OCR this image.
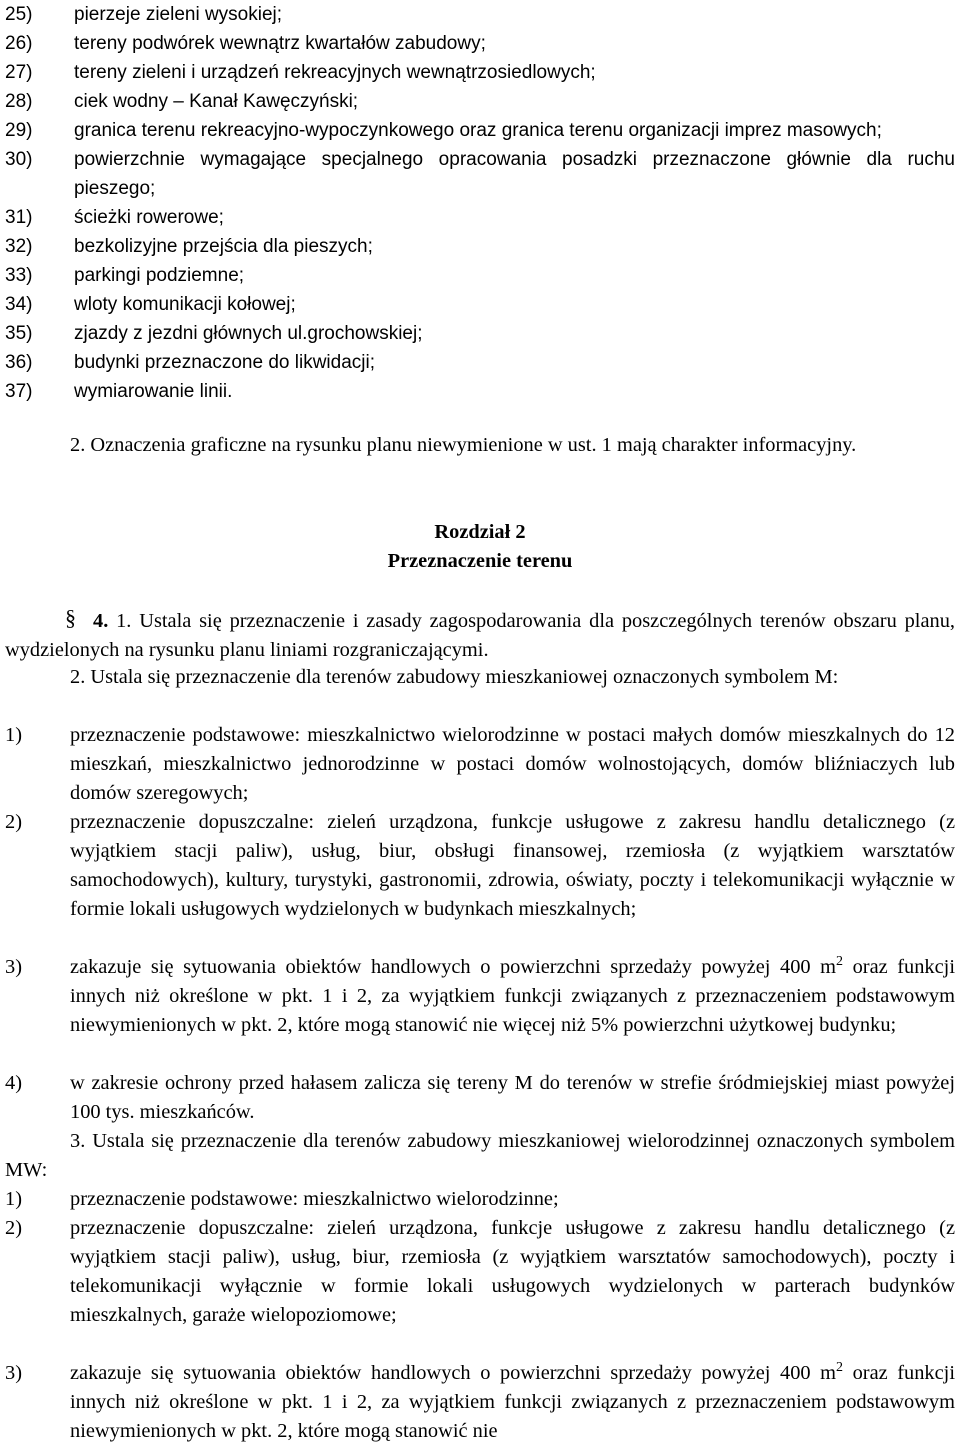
25) pierzeje zieleni wysokiej;
26) tereny podwórek wewnątrz kwartałów zabudowy;
27) tereny zieleni i urządzeń rekreacyjnych wewnątrzosiedlowych;
28) ciek wodny – Kanał Kawęczyński;
29) granica terenu rekreacyjno-wypoczynkowego oraz granica terenu organizacji imprez masowych;
30) powierzchnie wymagające specjalnego opracowania posadzki przeznaczone głównie dla ruchu pieszego;
31) ścieżki rowerowe;
32) bezkolizyjne przejścia dla pieszych;
33) parkingi podziemne;
34) wloty komunikacji kołowej;
35) zjazdy z jezdni głównych ul.grochowskiej;
36) budynki przeznaczone do likwidacji;
37) wymiarowanie linii.
2. Oznaczenia graficzne na rysunku planu niewymienione w ust. 1 mają charakter informacyjny.
Rozdział 2
Przeznaczenie terenu
§ 4. 1. Ustala się przeznaczenie i zasady zagospodarowania dla poszczególnych terenów obszaru planu, wydzielonych na rysunku planu liniami rozgraniczającymi.
2. Ustala się przeznaczenie dla terenów zabudowy mieszkaniowej oznaczonych symbolem M:
1) przeznaczenie podstawowe: mieszkalnictwo wielorodzinne w postaci małych domów mieszkalnych do 12 mieszkań, mieszkalnictwo jednorodzinne w postaci domów wolnostojących, domów bliźniaczych lub domów szeregowych;
2) przeznaczenie dopuszczalne: zieleń urządzona, funkcje usługowe z zakresu handlu detalicznego (z wyjątkiem stacji paliw), usług, biur, obsługi finansowej, rzemiosła (z wyjątkiem warsztatów samochodowych), kultury, turystyki, gastronomii, zdrowia, oświaty, poczty i telekomunikacji wyłącznie w formie lokali usługowych wydzielonych w budynkach mieszkalnych;
3) zakazuje się sytuowania obiektów handlowych o powierzchni sprzedaży powyżej 400 $m^2$ oraz funkcji innych niż określone w pkt. 1 i 2, za wyjątkiem funkcji związanych z przeznaczeniem podstawowym niewymienionych w pkt. 2, które mogą stanowić nie więcej niż 5% powierzchni użytkowej budynku;
4) w zakresie ochrony przed hałasem zalicza się tereny M do terenów w strefie śródmiejskiej miast powyżej 100 tys. mieszkańców.
3. Ustala się przeznaczenie dla terenów zabudowy mieszkaniowej wielorodzinnej oznaczonych symbolem MW:
1) przeznaczenie podstawowe: mieszkalnictwo wielorodzinne;
2) przeznaczenie dopuszczalne: zieleń urządzona, funkcje usługowe z zakresu handlu detalicznego (z wyjątkiem stacji paliw), usług, biur, rzemiosła (z wyjątkiem warsztatów samochodowych), poczty i telekomunikacji wyłącznie w formie lokali usługowych wydzielonych w parterach budynków mieszkalnych, garaże wielopoziomowe;
3) zakazuje się sytuowania obiektów handlowych o powierzchni sprzedaży powyżej 400 $m^2$ oraz funkcji innych niż określone w pkt. 1 i 2, za wyjątkiem funkcji związanych z przeznaczeniem podstawowym niewymienionych w pkt. 2, które mogą stanowić nie
